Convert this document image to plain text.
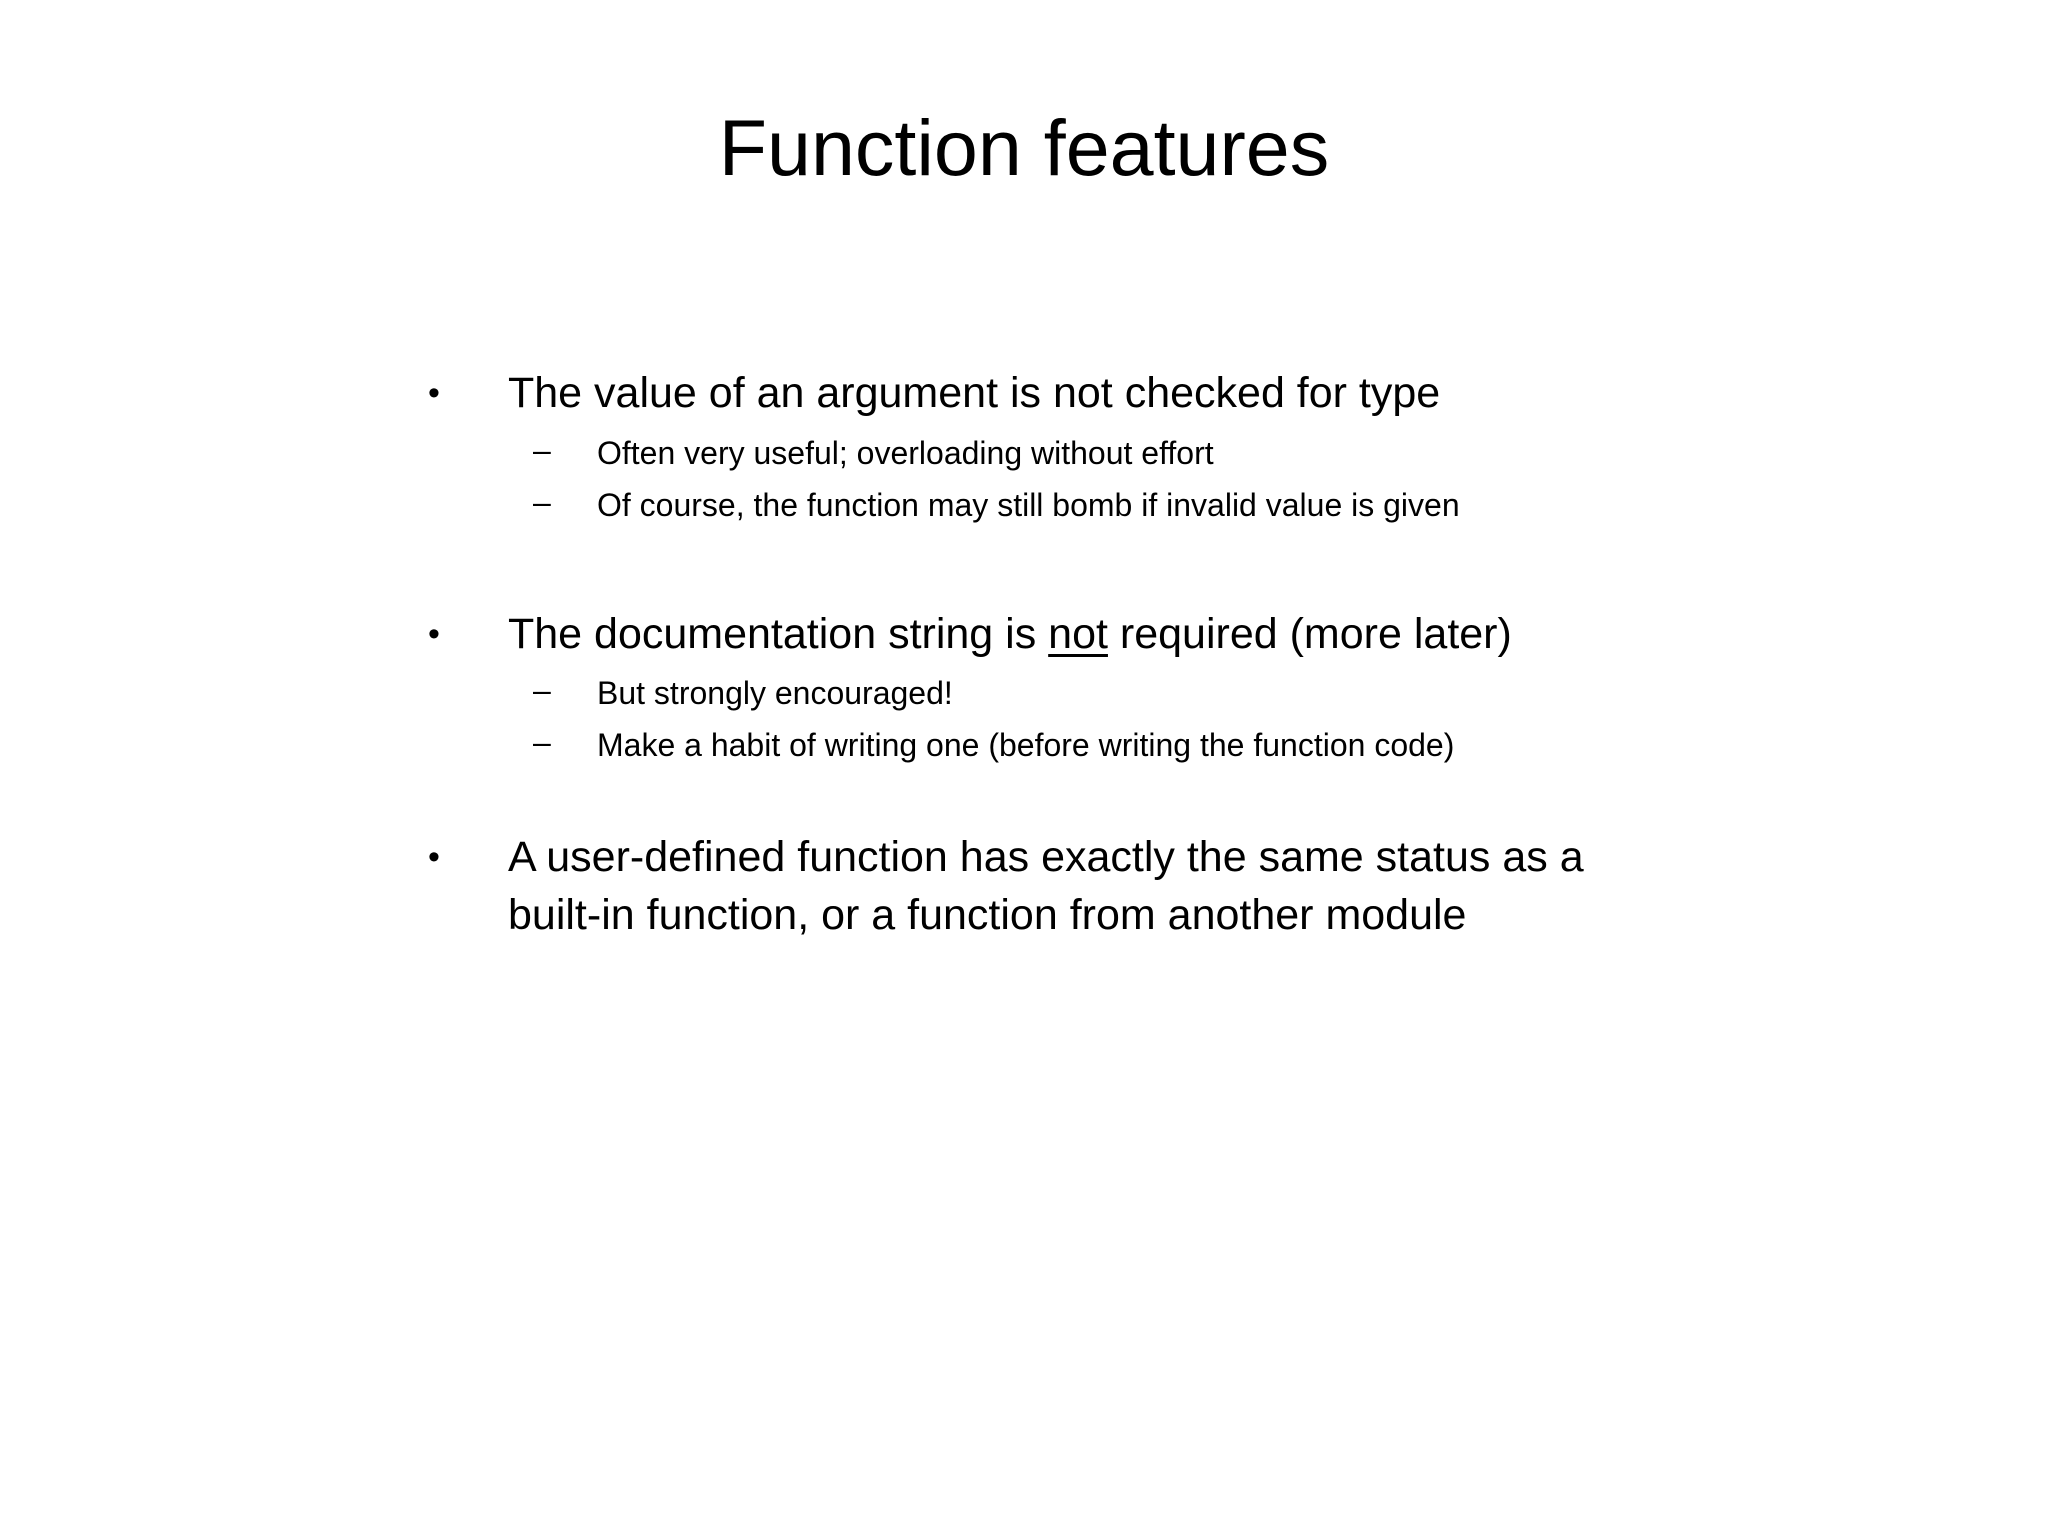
Function features
• The value of an argument is not checked for type
– Often very useful; overloading without effort
– Of course, the function may still bomb if invalid value is given
• The documentation string is not required (more later)
– But strongly encouraged!
– Make a habit of writing one (before writing the function code)
• A user-defined function has exactly the same status as a
built-in function, or a function from another module
